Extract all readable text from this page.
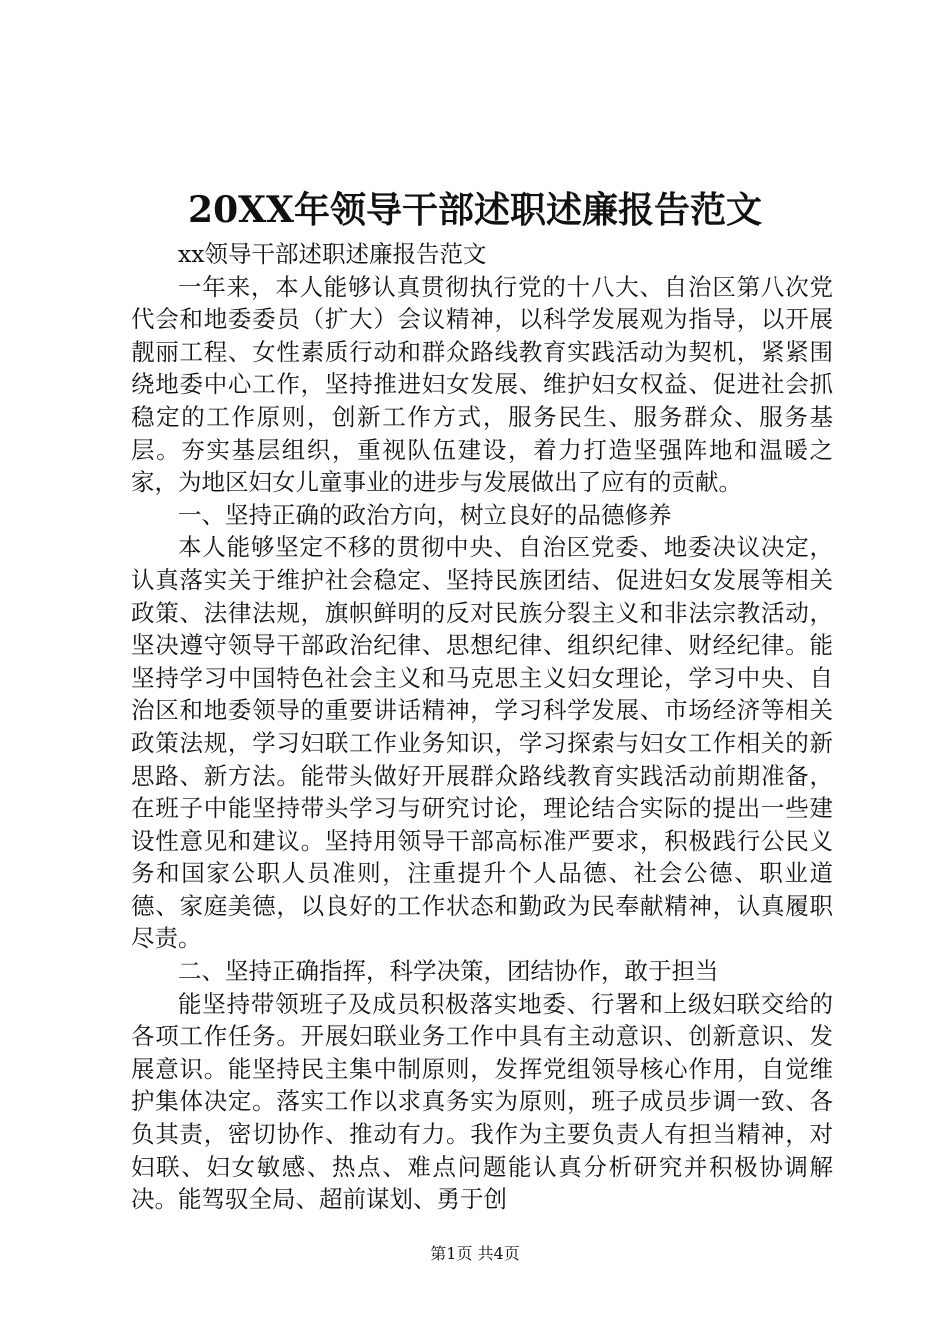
20XX年领导干部述职述廉报告范文

xx领导干部述职述廉报告范文

一年来，本人能够认真贯彻执行党的十八大、自治区第八次党代会和地委委员（扩大）会议精神，以科学发展观为指导，以开展靓丽工程、女性素质行动和群众路线教育实践活动为契机，紧紧围绕地委中心工作，坚持推进妇女发展、维护妇女权益、促进社会抓稳定的工作原则，创新工作方式，服务民生、服务群众、服务基层。夯实基层组织，重视队伍建设，着力打造坚强阵地和温暖之家，为地区妇女儿童事业的进步与发展做出了应有的贡献。

一、坚持正确的政治方向，树立良好的品德修养

本人能够坚定不移的贯彻中央、自治区党委、地委决议决定，认真落实关于维护社会稳定、坚持民族团结、促进妇女发展等相关政策、法律法规，旗帜鲜明的反对民族分裂主义和非法宗教活动，坚决遵守领导干部政治纪律、思想纪律、组织纪律、财经纪律。能坚持学习中国特色社会主义和马克思主义妇女理论，学习中央、自治区和地委领导的重要讲话精神，学习科学发展、市场经济等相关政策法规，学习妇联工作业务知识，学习探索与妇女工作相关的新思路、新方法。能带头做好开展群众路线教育实践活动前期准备，在班子中能坚持带头学习与研究讨论，理论结合实际的提出一些建设性意见和建议。坚持用领导干部高标准严要求，积极践行公民义务和国家公职人员准则，注重提升个人品德、社会公德、职业道德、家庭美德，以良好的工作状态和勤政为民奉献精神，认真履职尽责。

二、坚持正确指挥，科学决策，团结协作，敢于担当

能坚持带领班子及成员积极落实地委、行署和上级妇联交给的各项工作任务。开展妇联业务工作中具有主动意识、创新意识、发展意识。能坚持民主集中制原则，发挥党组领导核心作用，自觉维护集体决定。落实工作以求真务实为原则，班子成员步调一致、各负其责，密切协作、推动有力。我作为主要负责人有担当精神，对妇联、妇女敏感、热点、难点问题能认真分析研究并积极协调解决。能驾驭全局、超前谋划、勇于创

第1页 共4页
